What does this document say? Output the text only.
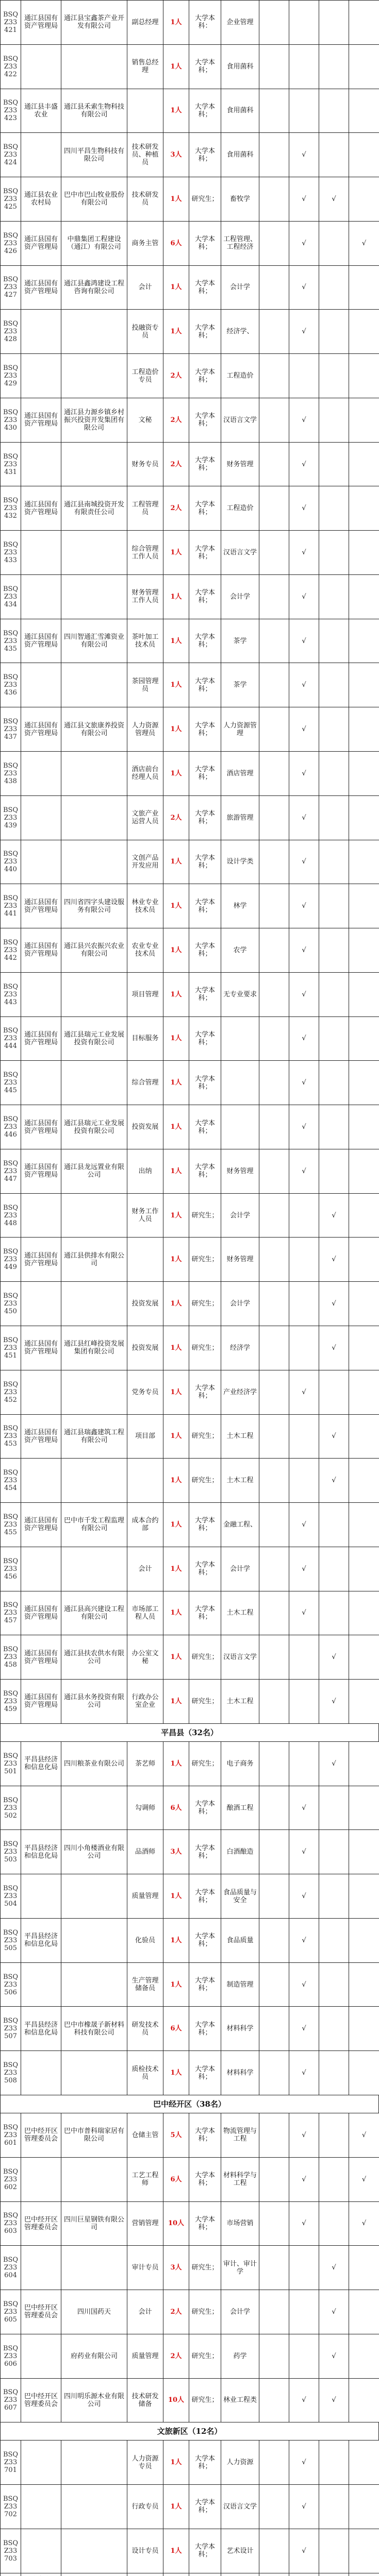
BSQZ33421	通江县国有资产管理局	通江县宝鑫茶产业开发有限公司	副总经理	1人	大学本科：	企业管理				
BSQZ33422			销售总经理	1人	大学本科；	食用菌科				
BSQZ33423	通江县丰盛农业	通江县禾索生物科技有限公司		1人	大学本科；	食用菌科				
BSQZ33424		四川平昌生物科技有限公司	技术研发员、种植员	3人	大学本科；	食用菌科		√		
BSQZ33425	通江县农业农村局	巴中市巴山牧业股份有限公司	技术研发员	1人	研究生；	畜牧学		√	√	
BSQZ33426	通江县国有资产管理局	中鼎集团工程建设（通江）有限公司	商务主管	6人	大学本科；	工程管理、工程经济		√		√
BSQZ33427	通江县国有资产管理局	通江县鑫鸿建设工程咨询有限公司	会计	1人	大学本科；	会计学		√		
BSQZ33428			投融资专员	1人	大学本科；	经济学、		√		
BSQZ33429			工程造价专员	2人	大学本科；	工程造价				
BSQZ33430	通江县国有资产管理局	通江县力源乡镇乡村振兴投资开发集团有限公司	文秘	2人	大学本科；	汉语言文学		√		
BSQZ33431			财务专员	2人	大学本科；	财务管理		√		
BSQZ33432	通江县国有资产管理局	通江县南城投资开发有限责任公司	工程管理员	2人	大学本科；	工程造价		√		
BSQZ33433			综合管理工作人员	1人	大学本科；	汉语言文学		√		
BSQZ33434			财务管理工作人员	1人	大学本科；	会计学		√		
BSQZ33435	通江县国有资产管理局	四川智通汇雪滩资业有限公司	茶叶加工技术员	1人	大学本科；	茶学		√		
BSQZ33436			茶园管理员	1人	大学本科；	茶学		√		
BSQZ33437	通江县国有资产管理局	通江县文旅康养投资有限公司	人力资源管理员	1人	大学本科；	人力资源管理		√		
BSQZ33438			酒店前台经理人员	1人	大学本科；	酒店管理		√		
BSQZ33439			文旅产业运营人员	2人	大学本科；	旅游管理		√		
BSQZ33440			文创产品开发应用	1人	大学本科；	设计学类		√		
BSQZ33441	通江县国有资产管理局	四川省四字头建设服务有限公司	林业专业技术员	1人	大学本科；	林学		√		
BSQZ33442	通江县国有资产管理局	通江县兴农振兴农业有限公司	农业专业技术员	1人	大学本科；	农学		√		
BSQZ33443			项目管理	1人	大学本科；	无专业要求		√		
BSQZ33444	通江县国有资产管理局	通江县瑞元工业发展投资有限公司	目标服务	1人	大学本科；			√		
BSQZ33445			综合管理	1人	大学本科；			√		
BSQZ33446	通江县国有资产管理局	通江县瑞元工业发展投资有限公司	投资发展	1人	大学本科；			√		
BSQZ33447	通江县国有资产管理局	通江县龙远置业有限公司	出纳	1人	大学本科；	财务管理		√		
BSQZ33448			财务工作人员	1人	研究生；	会计学			√	
BSQZ33449	通江县国有资产管理局	通江县供排水有限公司		1人	研究生；	财务管理			√	
BSQZ33450			投资发展	1人	研究生；	会计学			√	
BSQZ33451	通江县国有资产管理局	通江县红峰投资发展集团有限公司	投资发展	1人	研究生；	经济学			√	
BSQZ33452			党务专员	1人	大学本科；	产业经济学		√		
BSQZ33453	通江县国有资产管理局	通江县瑞鑫建筑工程有限公司	项目部	1人	研究生；	土木工程			√	
BSQZ33454				1人	研究生；	土木工程			√	
BSQZ33455	通江县国有资产管理局	巴中市千发工程监理有限公司	成本合约部	1人	大学本科；	金融工程、		√		
BSQZ33456			会计	1人	大学本科；	会计学		√		
BSQZ33457	通江县国有资产管理局	通江县高兴建设工程有限公司	市场部工程人员	1人	大学本科；	土木工程		√		
BSQZ33458	通江县国有资产管理局	通江县扶农供水有限公司	办公室文秘	1人	研究生；	汉语言文学			√	
BSQZ33459	通江县国有资产管理局	通江县水务投资有限公司	行政办公室企业	1人	研究生；	土木工程			√	
平昌县（32名）
BSQZ33501	平昌县经济和信息化局	四川粮茶业有限公司	茶艺师	1人	研究生；	电子商务			√	
BSQZ33502			勾调师	6人	大学本科；	酿酒工程		√		
BSQZ33503	平昌县经济和信息化局	四川小角楼酒业有限公司	品酒师	3人	大学本科；	白酒酿造		√		
BSQZ33504			质量管理	1人	大学本科；	食品质量与安全		√		
BSQZ33505	平昌县经济和信息化局		化验员	1人	大学本科；	食品质量		√		
BSQZ33506			生产管理储备员	1人	大学本科；	制造管理		√		
BSQZ33507	平昌县经济和信息化局	巴中市橡晟子新材料科技有限公司	研发技术员	6人	大学本科；	材料科学		√		
BSQZ33508			质检技术员	1人	大学本科；	材料科学		√		
巴中经开区（38名）
BSQZ33601	巴中经开区管理委员会	巴中市普科瑞家居有限公司	仓储主管	5人	大学本科；	物流管理与工程		√		√
BSQZ33602			工艺工程师	6人	大学本科；	材料科学与工程		√		√
BSQZ33603	巴中经开区管理委员会	四川巨星钢铁有限公司	营销管理	10人	大学本科；	市场营销		√		√
BSQZ33604			审计专员	3人	研究生；	审计、审计学			√	
BSQZ33605	巴中经开区管理委员会	四川国药天	会计	2人	研究生；	会计学			√	
BSQZ33606		府药业有限公司	质量管理	2人	研究生；	药学			√	
BSQZ33607	巴中经开区管理委员会	四川明乐源木业有限公司	技术研发储备	10人	研究生；	林业工程类		√	√	
文旅新区（12名）
BSQZ33701			人力资源专员	1人	大学本科；	人力资源		√		
BSQZ33702			行政专员	1人	大学本科；	汉语言文学		√		
BSQZ33703			设计专员	1人	大学本科；	艺术设计		√		
